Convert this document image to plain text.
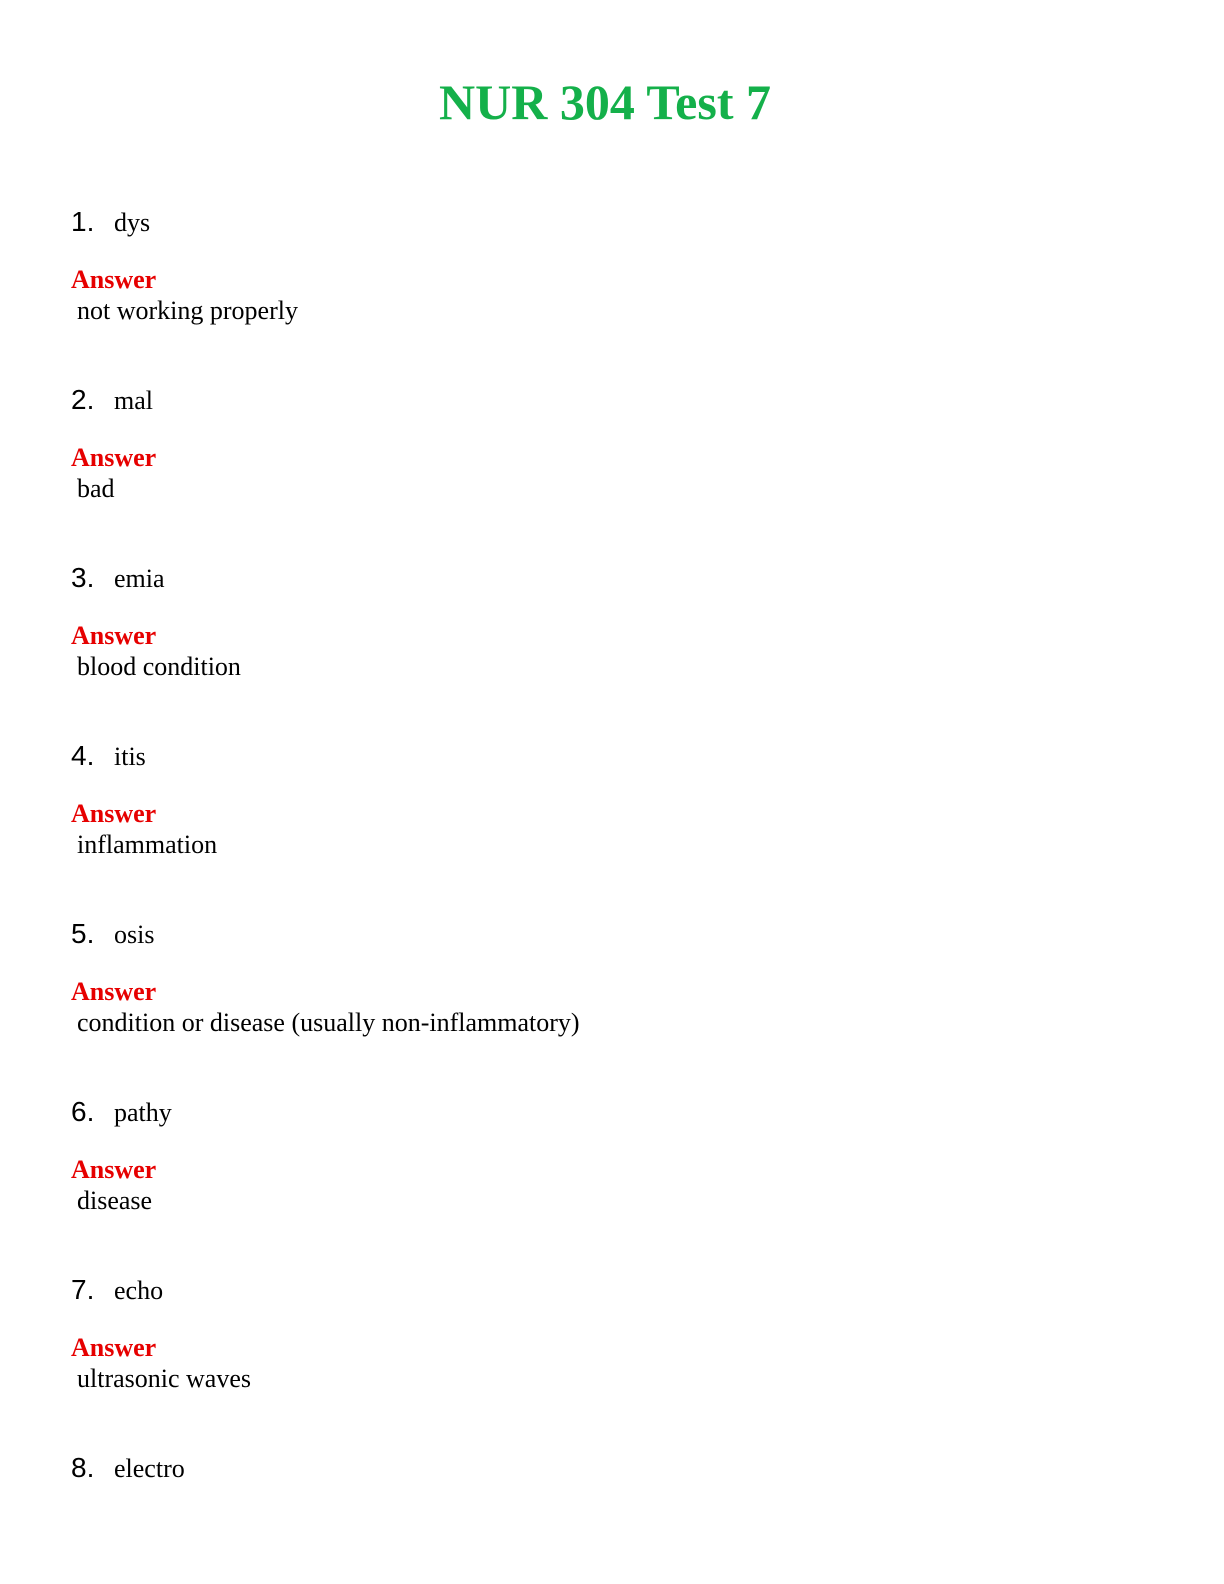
NUR 304 Test 7
1. dys
Answer
not working properly
2. mal
Answer
bad
3. emia
Answer
blood condition
4. itis
Answer
inflammation
5. osis
Answer
condition or disease (usually non-inflammatory)
6. pathy
Answer
disease
7. echo
Answer
ultrasonic waves
8. electro
